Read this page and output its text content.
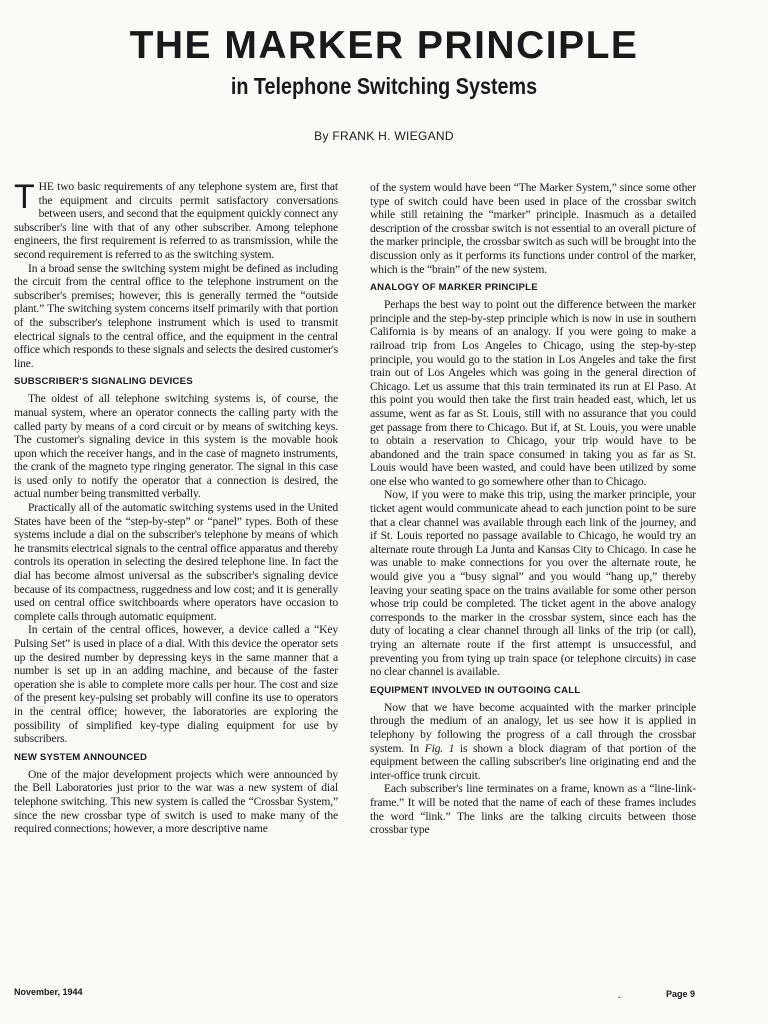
THE MARKER PRINCIPLE
in Telephone Switching Systems

By FRANK H. WIEGAND

THE two basic requirements of any telephone system are, first that the equipment and circuits permit satisfactory conversations between users, and second that the equipment quickly connect any subscriber's line with that of any other subscriber. Among telephone engineers, the first requirement is referred to as transmission, while the second requirement is referred to as the switching system.

In a broad sense the switching system might be defined as including the circuit from the central office to the telephone instrument on the subscriber's premises; however, this is generally termed the “outside plant.” The switching system concerns itself primarily with that portion of the subscriber's telephone instrument which is used to transmit electrical signals to the central office, and the equipment in the central office which responds to these signals and selects the desired customer's line.

SUBSCRIBER'S SIGNALING DEVICES

The oldest of all telephone switching systems is, of course, the manual system, where an operator connects the calling party with the called party by means of a cord circuit or by means of switching keys. The customer's signaling device in this system is the movable hook upon which the receiver hangs, and in the case of magneto instruments, the crank of the magneto type ringing generator. The signal in this case is used only to notify the operator that a connection is desired, the actual number being transmitted verbally.

Practically all of the automatic switching systems used in the United States have been of the “step-by-step” or “panel” types. Both of these systems include a dial on the subscriber's telephone by means of which he transmits electrical signals to the central office apparatus and thereby controls its operation in selecting the desired telephone line. In fact the dial has become almost universal as the subscriber's signaling device because of its compactness, ruggedness and low cost; and it is generally used on central office switchboards where operators have occasion to complete calls through automatic equipment.

In certain of the central offices, however, a device called a “Key Pulsing Set” is used in place of a dial. With this device the operator sets up the desired number by depressing keys in the same manner that a number is set up in an adding machine, and because of the faster operation she is able to complete more calls per hour. The cost and size of the present key-pulsing set probably will confine its use to operators in the central office; however, the laboratories are exploring the possibility of simplified key-type dialing equipment for use by subscribers.

NEW SYSTEM ANNOUNCED

One of the major development projects which were announced by the Bell Laboratories just prior to the war was a new system of dial telephone switching. This new system is called the “Crossbar System,” since the new crossbar type of switch is used to make many of the required connections; however, a more descriptive name

of the system would have been “The Marker System,” since some other type of switch could have been used in place of the crossbar switch while still retaining the “marker” principle. Inasmuch as a detailed description of the crossbar switch is not essential to an overall picture of the marker principle, the crossbar switch as such will be brought into the discussion only as it performs its functions under control of the marker, which is the “brain” of the new system.

ANALOGY OF MARKER PRINCIPLE

Perhaps the best way to point out the difference between the marker principle and the step-by-step principle which is now in use in southern California is by means of an analogy. If you were going to make a railroad trip from Los Angeles to Chicago, using the step-by-step principle, you would go to the station in Los Angeles and take the first train out of Los Angeles which was going in the general direction of Chicago. Let us assume that this train terminated its run at El Paso. At this point you would then take the first train headed east, which, let us assume, went as far as St. Louis, still with no assurance that you could get passage from there to Chicago. But if, at St. Louis, you were unable to obtain a reservation to Chicago, your trip would have to be abandoned and the train space consumed in taking you as far as St. Louis would have been wasted, and could have been utilized by some one else who wanted to go somewhere other than to Chicago.

Now, if you were to make this trip, using the marker principle, your ticket agent would communicate ahead to each junction point to be sure that a clear channel was available through each link of the journey, and if St. Louis reported no passage available to Chicago, he would try an alternate route through La Junta and Kansas City to Chicago. In case he was unable to make connections for you over the alternate route, he would give you a “busy signal” and you would “hang up,” thereby leaving your seating space on the trains available for some other person whose trip could be completed. The ticket agent in the above analogy corresponds to the marker in the crossbar system, since each has the duty of locating a clear channel through all links of the trip (or call), trying an alternate route if the first attempt is unsuccessful, and preventing you from tying up train space (or telephone circuits) in case no clear channel is available.

EQUIPMENT INVOLVED IN OUTGOING CALL

Now that we have become acquainted with the marker principle through the medium of an analogy, let us see how it is applied in telephony by following the progress of a call through the crossbar system. In Fig. 1 is shown a block diagram of that portion of the equipment between the calling subscriber's line originating end and the inter-office trunk circuit.

Each subscriber's line terminates on a frame, known as a “line-link-frame.” It will be noted that the name of each of these frames includes the word “link.” The links are the talking circuits between those crossbar type

November, 1944	.	Page 9
